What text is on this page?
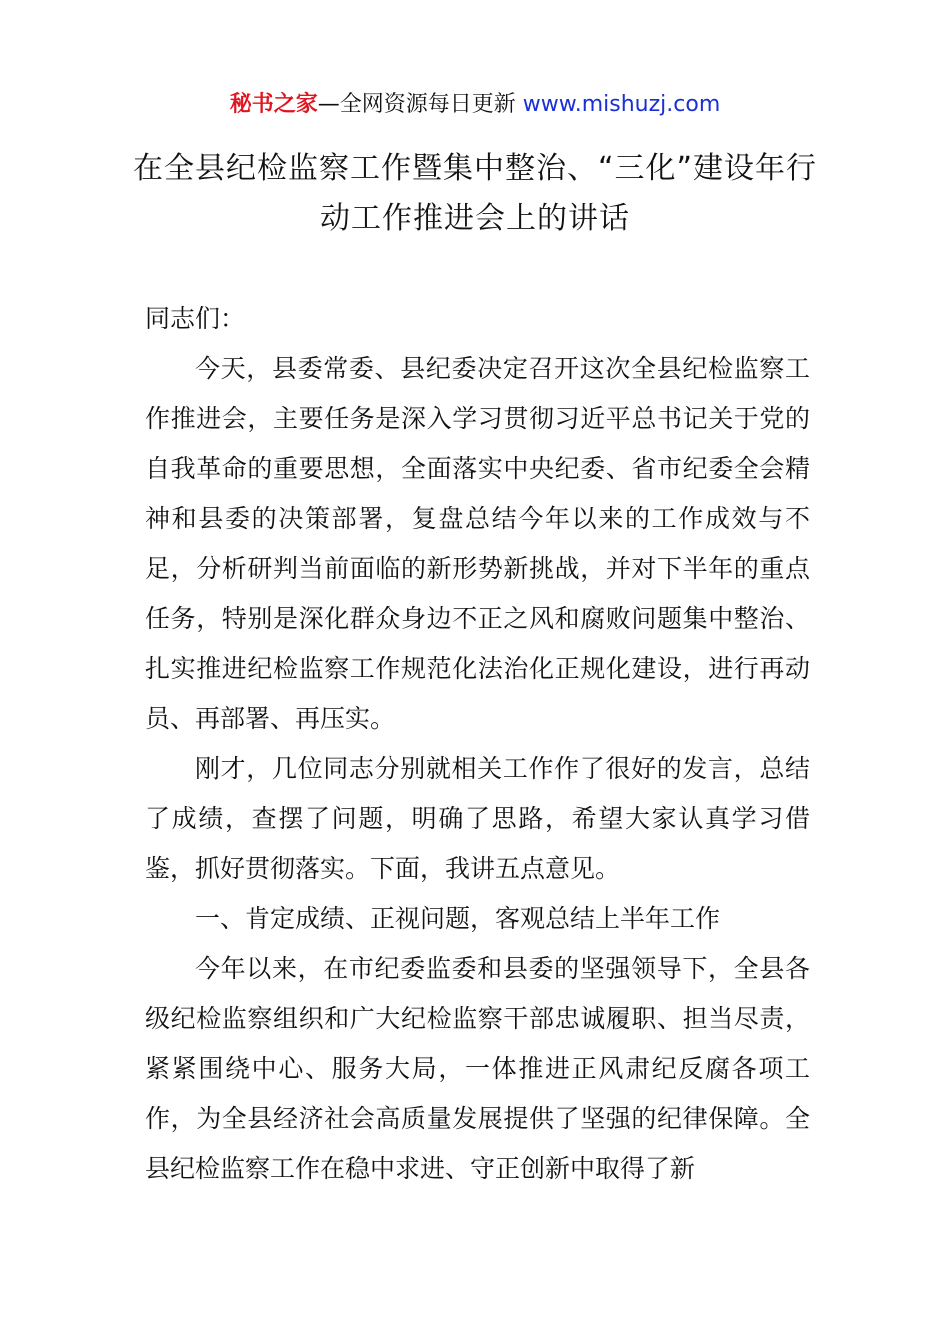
秘书之家—全网资源每日更新 www.mishuzj.com
在全县纪检监察工作暨集中整治、“三化”建设年行动工作推进会上的讲话

同志们：

今天，县委常委、县纪委决定召开这次全县纪检监察工作推进会，主要任务是深入学习贯彻习近平总书记关于党的自我革命的重要思想，全面落实中央纪委、省市纪委全会精神和县委的决策部署，复盘总结今年以来的工作成效与不足，分析研判当前面临的新形势新挑战，并对下半年的重点任务，特别是深化群众身边不正之风和腐败问题集中整治、扎实推进纪检监察工作规范化法治化正规化建设，进行再动员、再部署、再压实。

刚才，几位同志分别就相关工作作了很好的发言，总结了成绩，查摆了问题，明确了思路，希望大家认真学习借鉴，抓好贯彻落实。下面，我讲五点意见。

一、肯定成绩、正视问题，客观总结上半年工作

今年以来，在市纪委监委和县委的坚强领导下，全县各级纪检监察组织和广大纪检监察干部忠诚履职、担当尽责，紧紧围绕中心、服务大局，一体推进正风肃纪反腐各项工作，为全县经济社会高质量发展提供了坚强的纪律保障。全县纪检监察工作在稳中求进、守正创新中取得了新
